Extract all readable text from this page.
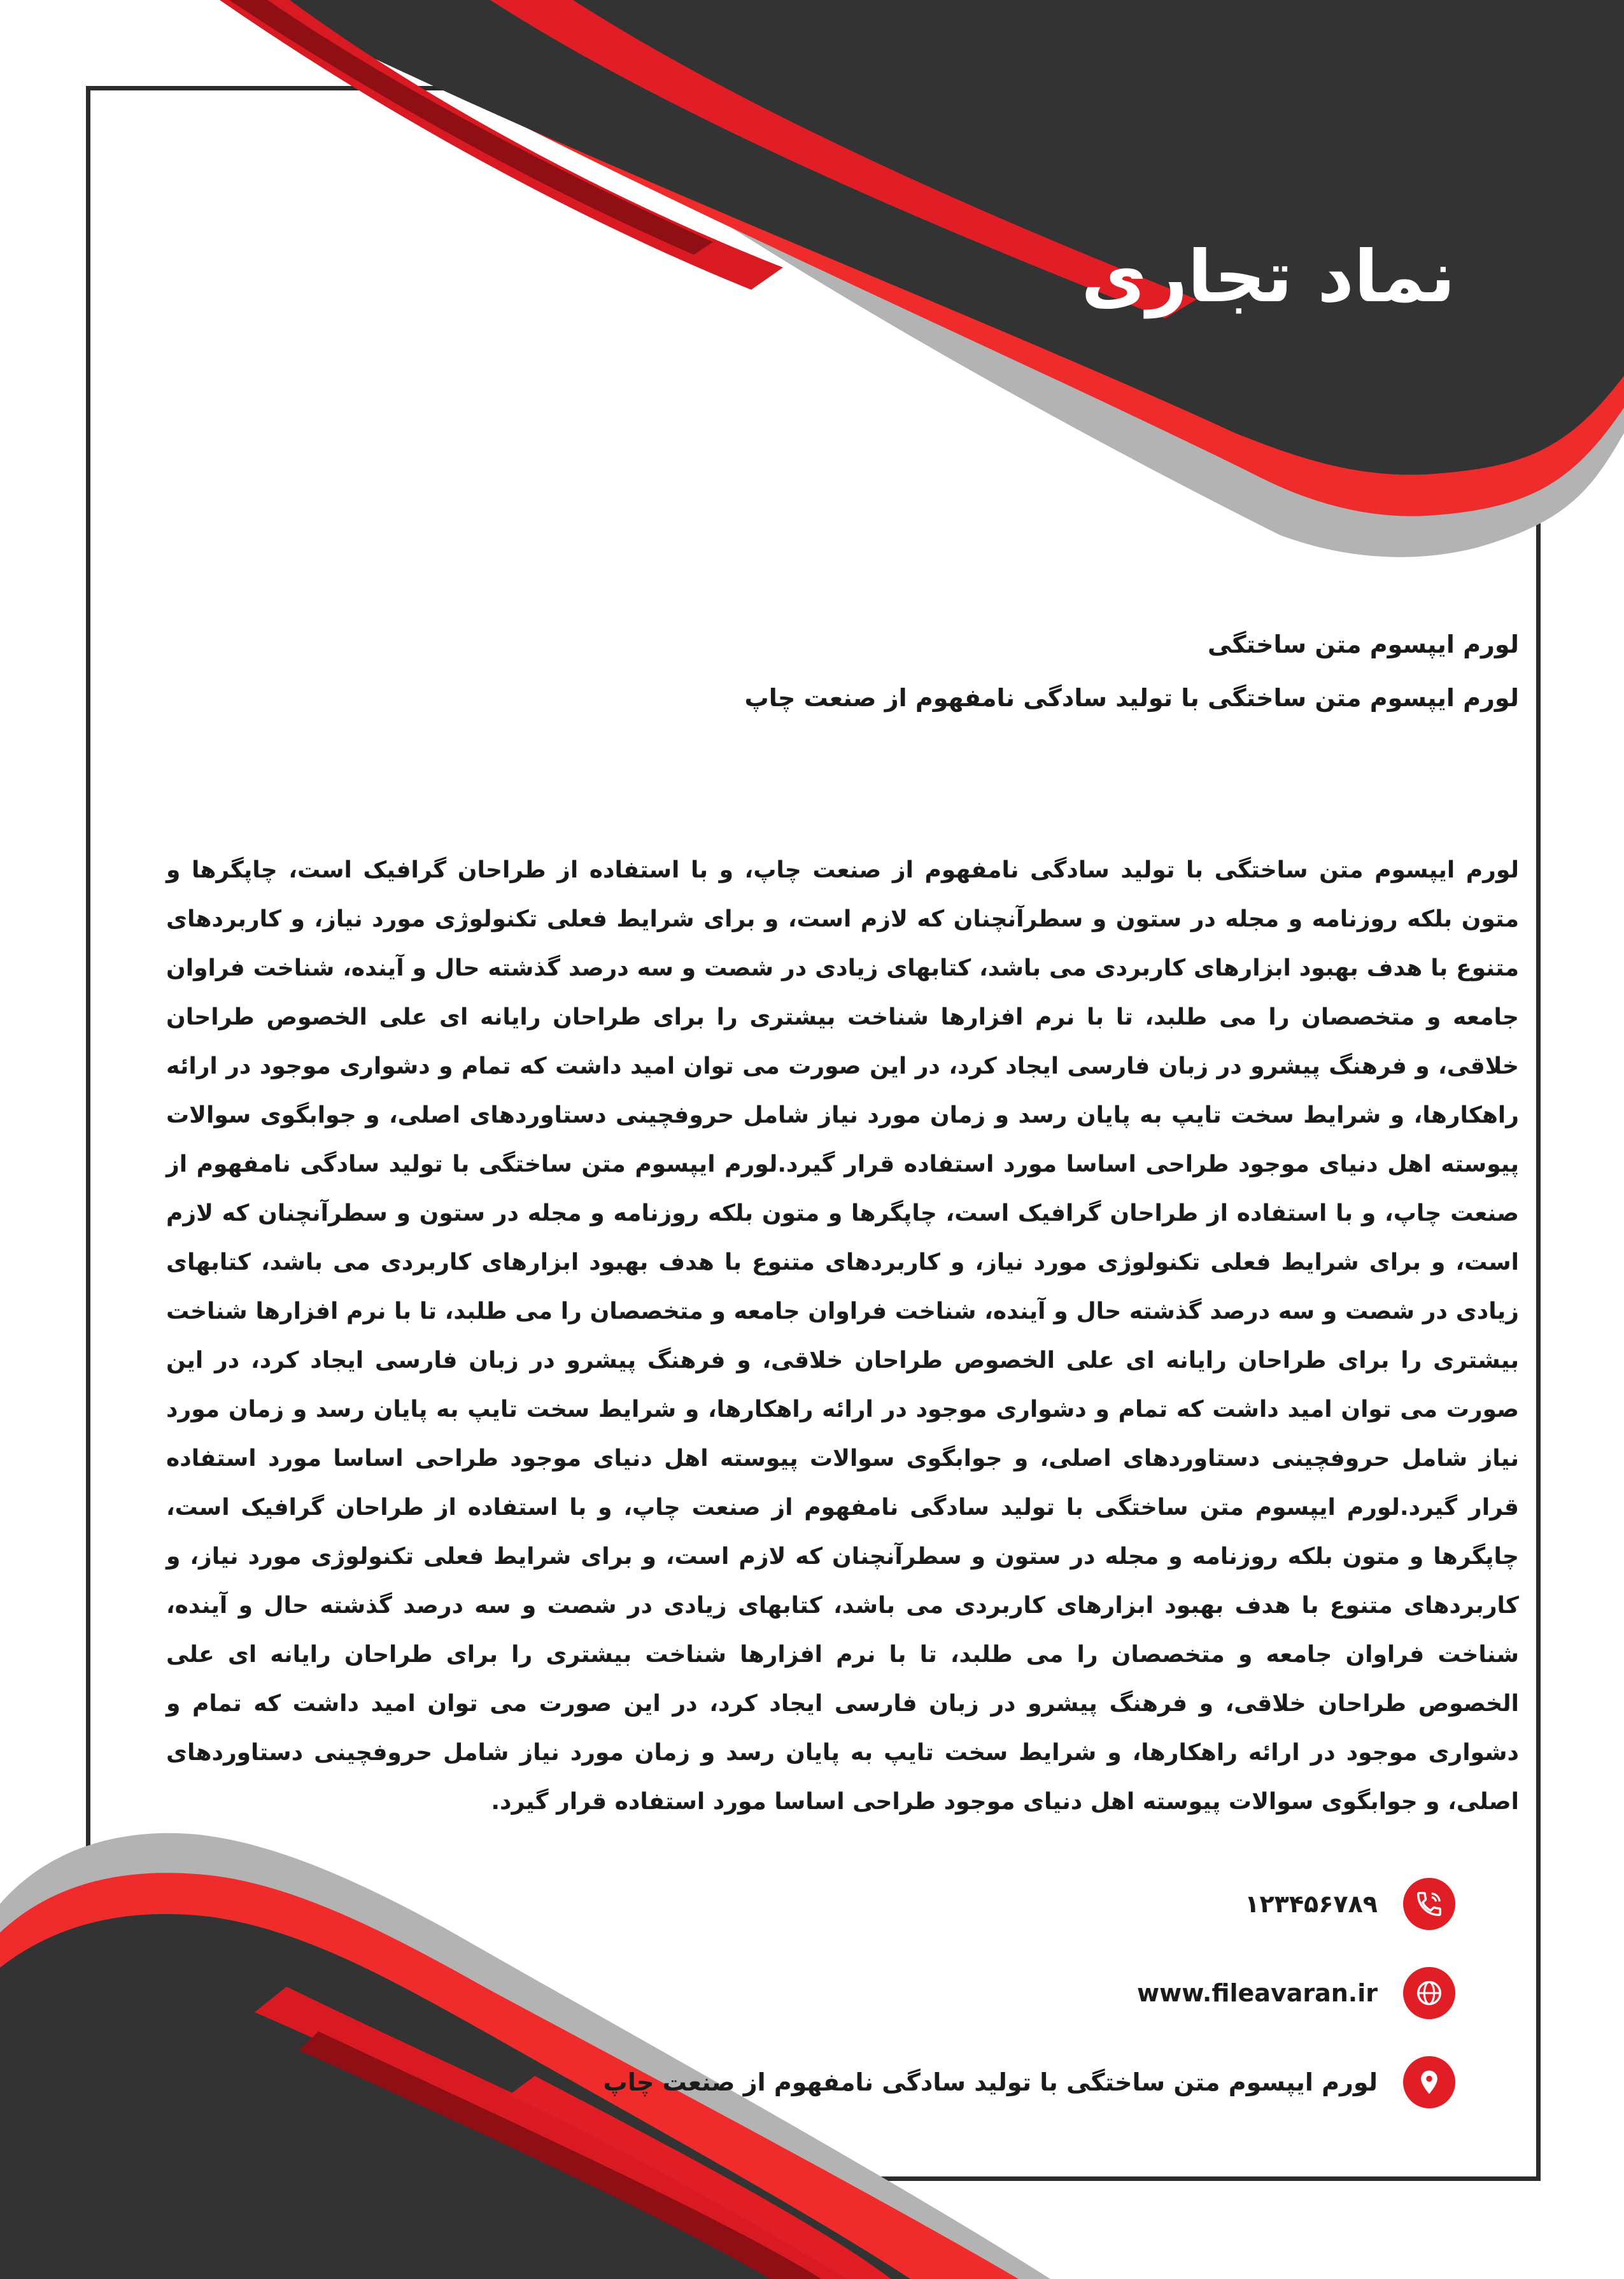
نماد تجاری
لورم ایپسوم متن ساختگی
لورم ایپسوم متن ساختگی با تولید سادگی نامفهوم از صنعت چاپ
لورم ایپسوم متن ساختگی با تولید سادگی نامفهوم از صنعت چاپ، و با استفاده از طراحان گرافیک است، چاپگرها و متون بلکه روزنامه و مجله در ستون و سطرآنچنان که لازم است، و برای شرایط فعلی تکنولوژی مورد نیاز، و کاربردهای متنوع با هدف بهبود ابزارهای کاربردی می باشد، کتابهای زیادی در شصت و سه درصد گذشته حال و آینده، شناخت فراوان جامعه و متخصصان را می طلبد، تا با نرم افزارها شناخت بیشتری را برای طراحان رایانه ای علی الخصوص طراحان خلاقی، و فرهنگ پیشرو در زبان فارسی ایجاد کرد، در این صورت می توان امید داشت که تمام و دشواری موجود در ارائه راهکارها، و شرایط سخت تایپ به پایان رسد و زمان مورد نیاز شامل حروفچینی دستاوردهای اصلی، و جوابگوی سوالات پیوسته اهل دنیای موجود طراحی اساسا مورد استفاده قرار گیرد.لورم ایپسوم متن ساختگی با تولید سادگی نامفهوم از صنعت چاپ، و با استفاده از طراحان گرافیک است، چاپگرها و متون بلکه روزنامه و مجله در ستون و سطرآنچنان که لازم است، و برای شرایط فعلی تکنولوژی مورد نیاز، و کاربردهای متنوع با هدف بهبود ابزارهای کاربردی می باشد، کتابهای زیادی در شصت و سه درصد گذشته حال و آینده، شناخت فراوان جامعه و متخصصان را می طلبد، تا با نرم افزارها شناخت بیشتری را برای طراحان رایانه ای علی الخصوص طراحان خلاقی، و فرهنگ پیشرو در زبان فارسی ایجاد کرد، در این صورت می توان امید داشت که تمام و دشواری موجود در ارائه راهکارها، و شرایط سخت تایپ به پایان رسد و زمان مورد نیاز شامل حروفچینی دستاوردهای اصلی، و جوابگوی سوالات پیوسته اهل دنیای موجود طراحی اساسا مورد استفاده قرار گیرد.لورم ایپسوم متن ساختگی با تولید سادگی نامفهوم از صنعت چاپ، و با استفاده از طراحان گرافیک است، چاپگرها و متون بلکه روزنامه و مجله در ستون و سطرآنچنان که لازم است، و برای شرایط فعلی تکنولوژی مورد نیاز، و کاربردهای متنوع با هدف بهبود ابزارهای کاربردی می باشد، کتابهای زیادی در شصت و سه درصد گذشته حال و آینده، شناخت فراوان جامعه و متخصصان را می طلبد، تا با نرم افزارها شناخت بیشتری را برای طراحان رایانه ای علی الخصوص طراحان خلاقی، و فرهنگ پیشرو در زبان فارسی ایجاد کرد، در این صورت می توان امید داشت که تمام و دشواری موجود در ارائه راهکارها، و شرایط سخت تایپ به پایان رسد و زمان مورد نیاز شامل حروفچینی دستاوردهای اصلی، و جوابگوی سوالات پیوسته اهل دنیای موجود طراحی اساسا مورد استفاده قرار گیرد.
۱۲۳۴۵۶۷۸۹
www.fileavaran.ir
لورم ایپسوم متن ساختگی با تولید سادگی نامفهوم از صنعت چاپ
